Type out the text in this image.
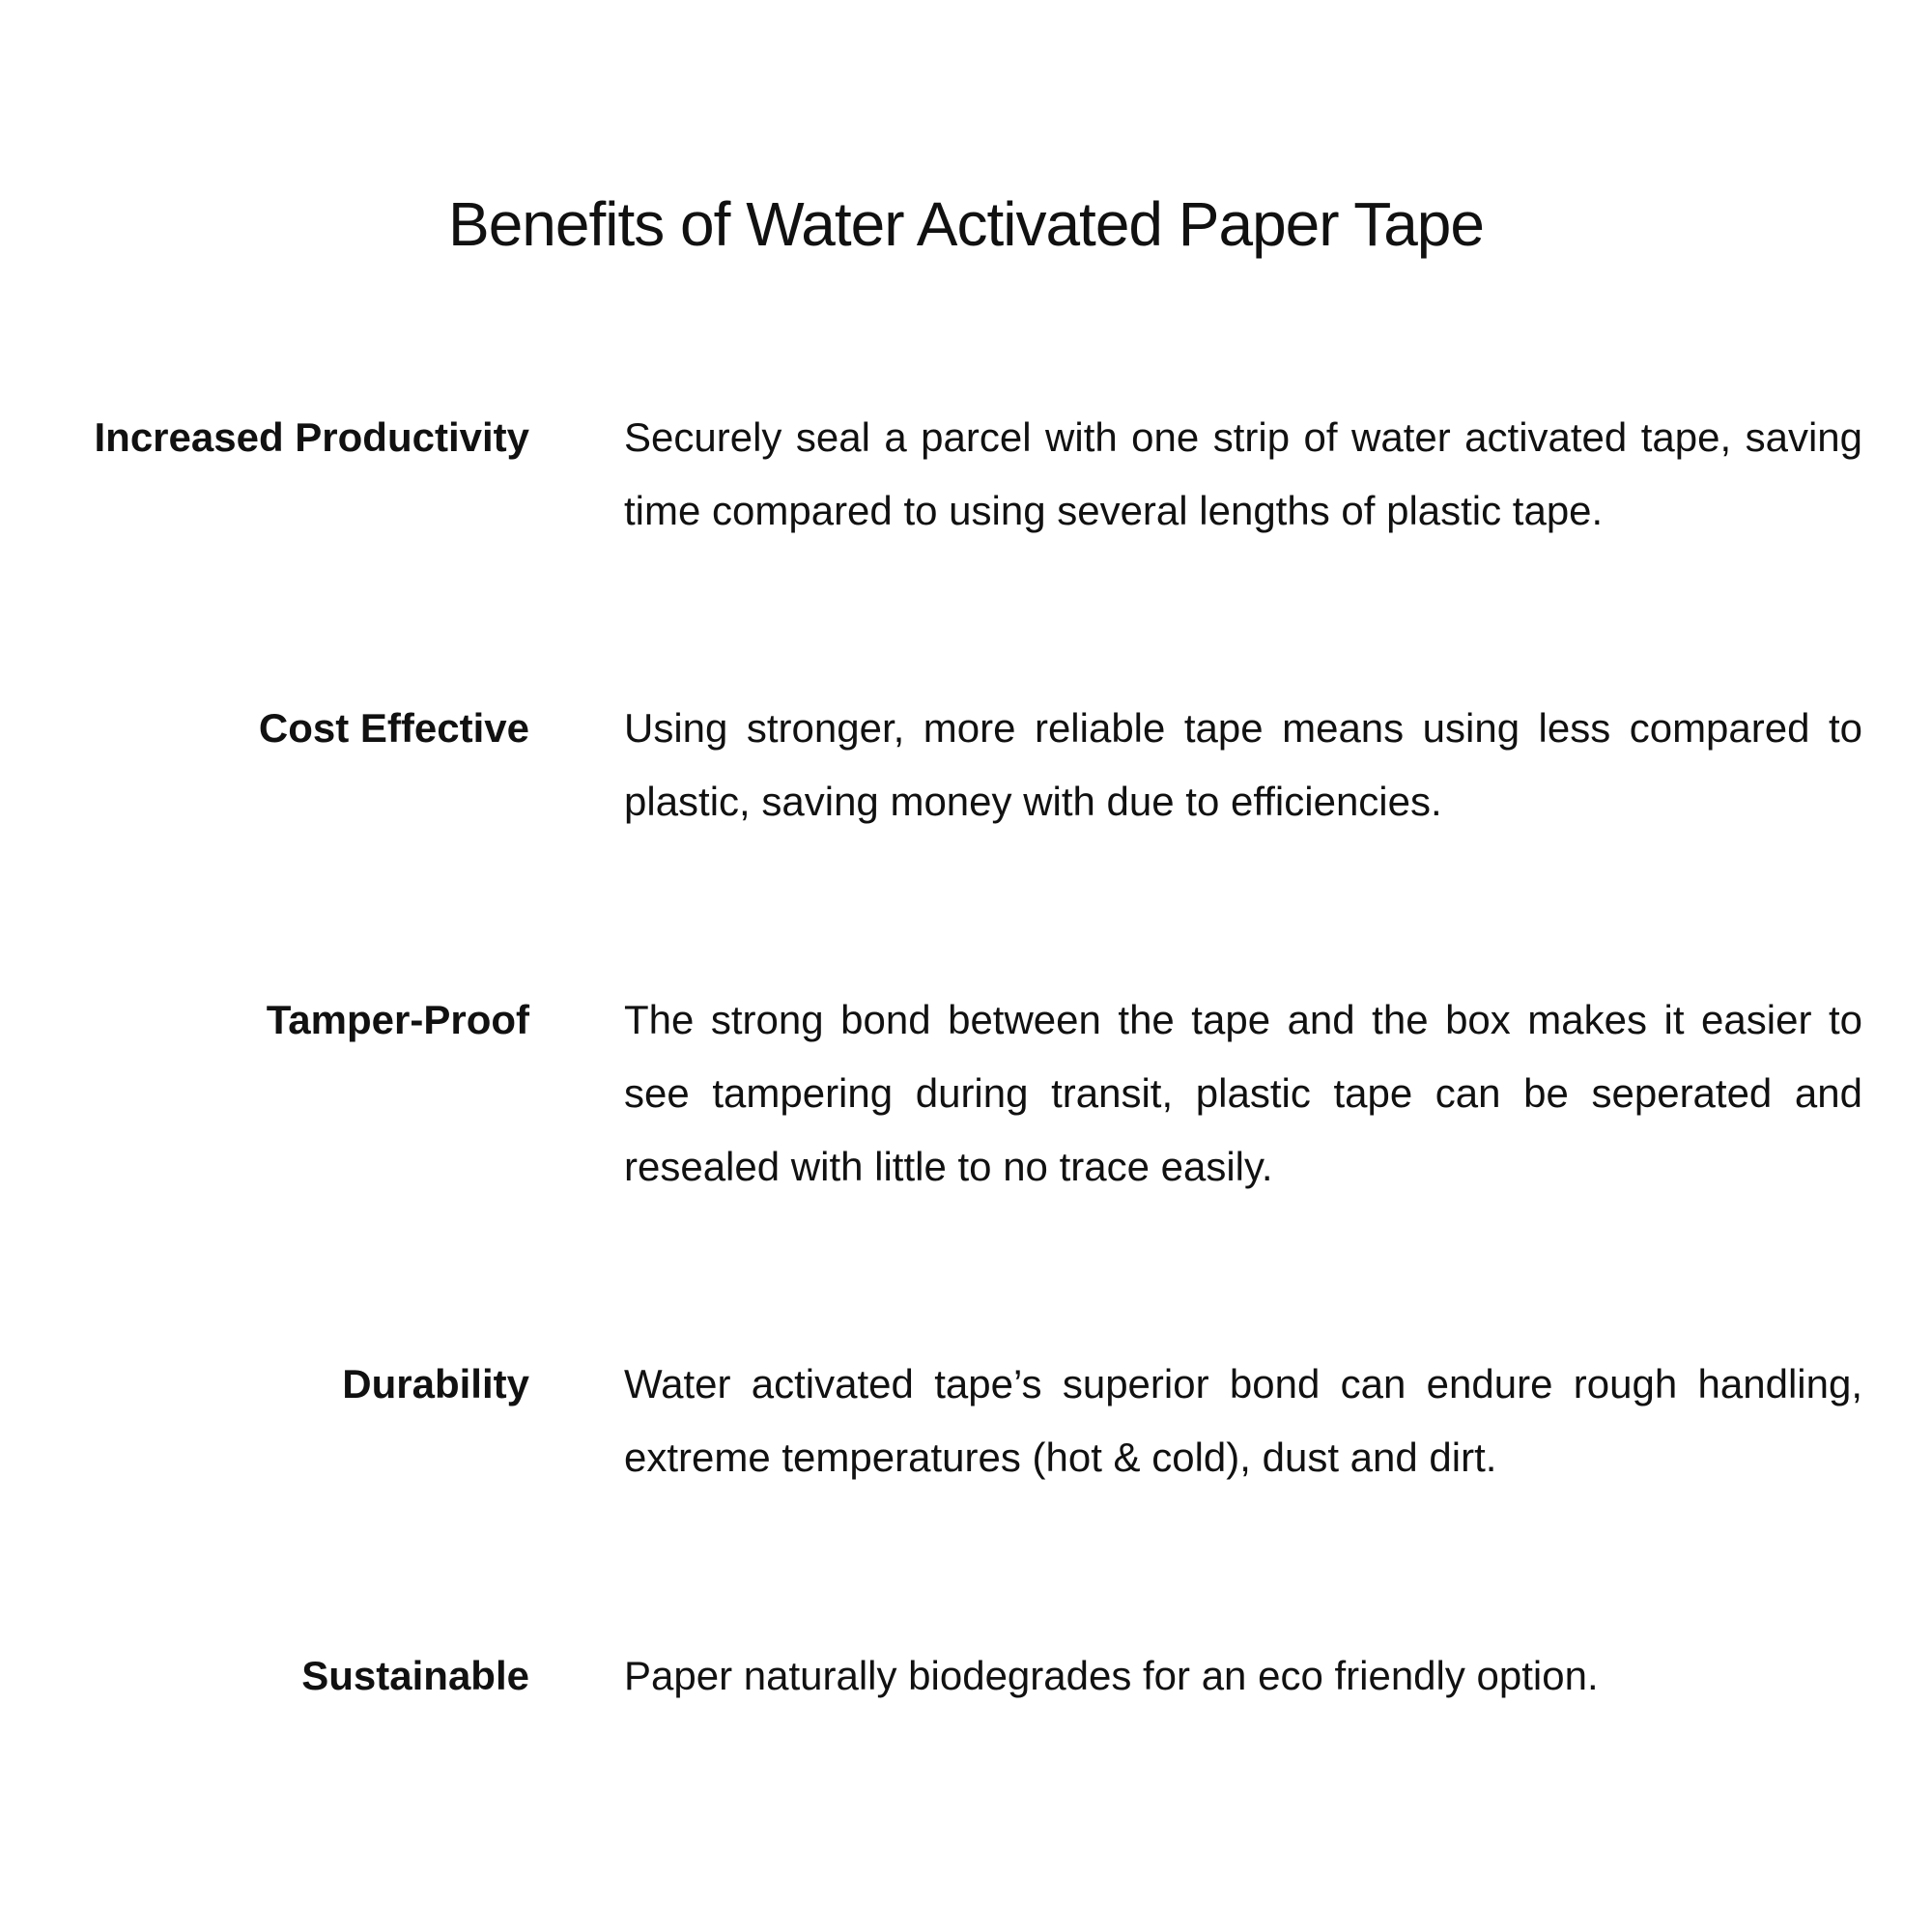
Benefits of Water Activated Paper Tape
Increased Productivity Securely seal a parcel with one strip of water activated tape, saving time compared to using several lengths of plastic tape.
Cost Effective Using stronger, more reliable tape means using less compared to plastic, saving money with due to efficiencies.
Tamper-Proof The strong bond between the tape and the box makes it easier to see tampering during transit, plastic tape can be seperated and resealed with little to no trace easily.
Durability Water activated tape’s superior bond can endure rough handling, extreme temperatures (hot & cold), dust and dirt.
Sustainable Paper naturally biodegrades for an eco friendly option.
